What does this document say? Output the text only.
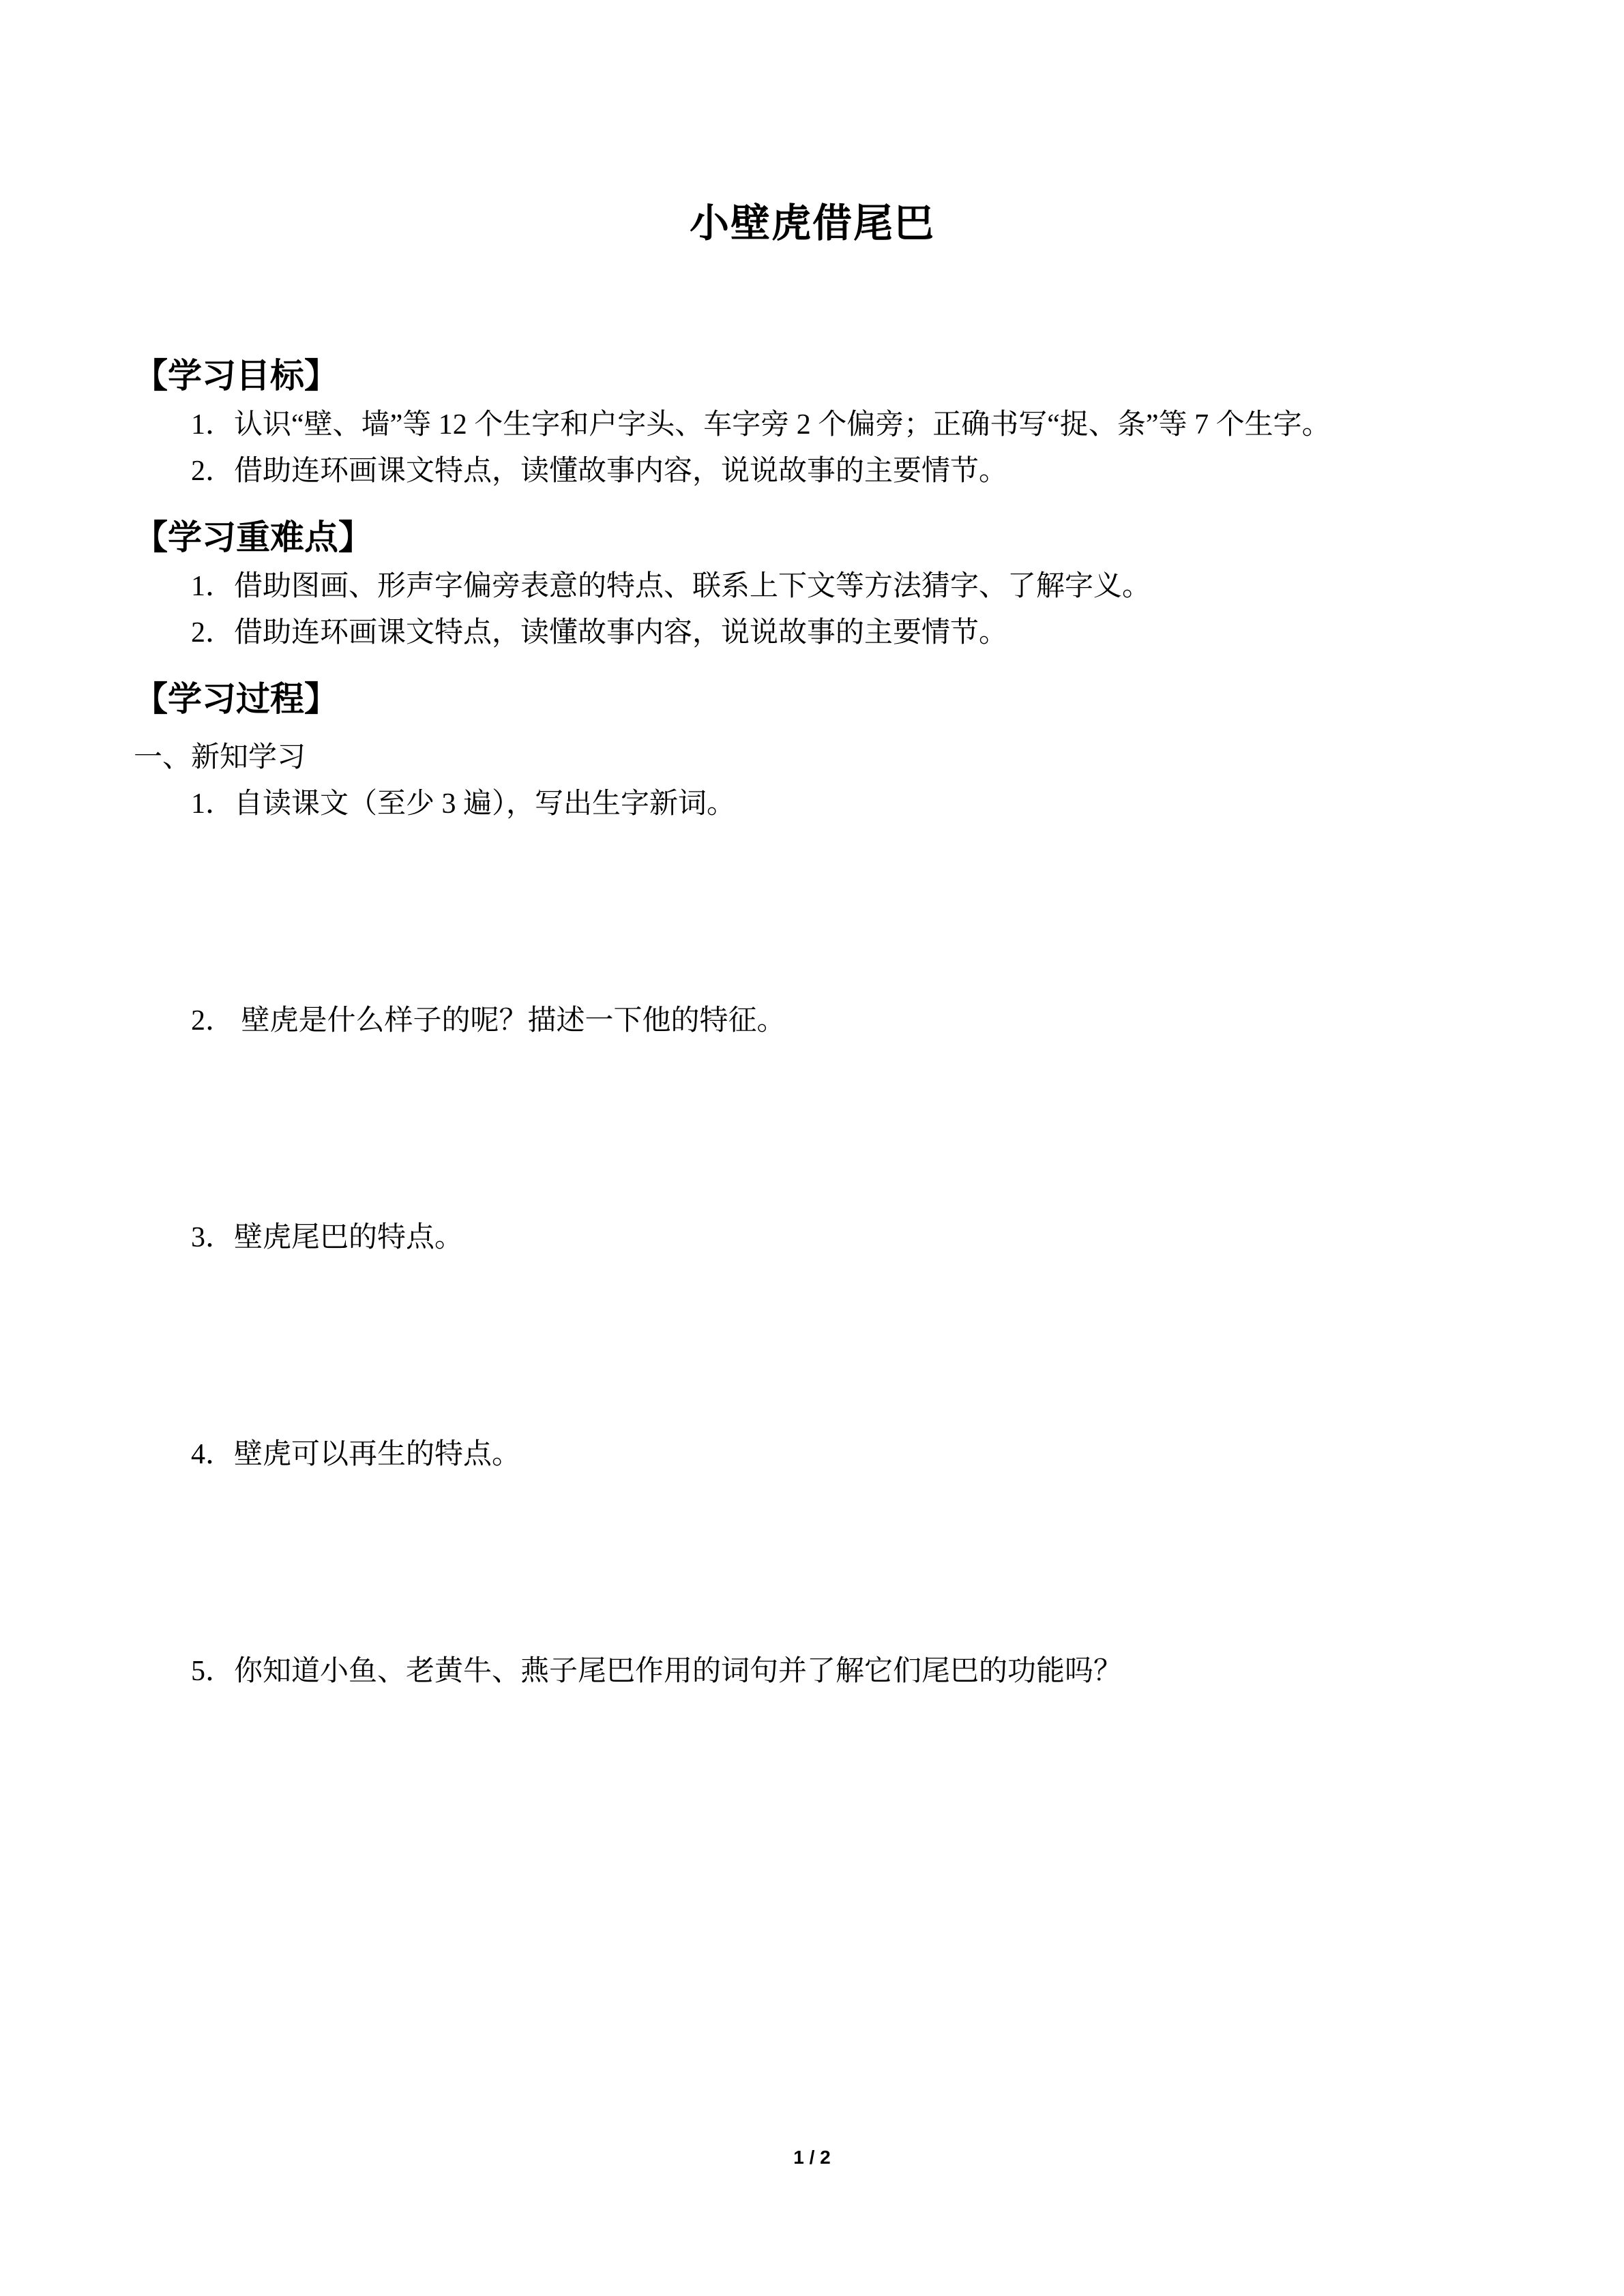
小壁虎借尾巴

【学习目标】

1．认识“壁、墙”等 12 个生字和户字头、车字旁 2 个偏旁；正确书写“捉、条”等 7 个生字。

2．借助连环画课文特点，读懂故事内容，说说故事的主要情节。

【学习重难点】

1．借助图画、形声字偏旁表意的特点、联系上下文等方法猜字、了解字义。

2．借助连环画课文特点，读懂故事内容，说说故事的主要情节。

【学习过程】

一、新知学习

1．自读课文（至少 3 遍），写出生字新词。
2． 壁虎是什么样子的呢？描述一下他的特征。
3．壁虎尾巴的特点。
4．壁虎可以再生的特点。
5．你知道小鱼、老黄牛、燕子尾巴作用的词句并了解它们尾巴的功能吗？
1 / 2
